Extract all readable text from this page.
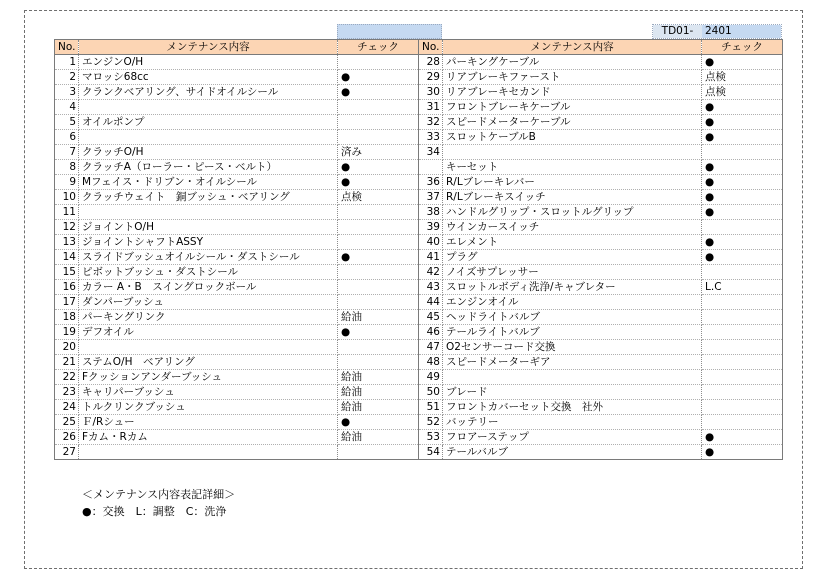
TD01-	2401
No.	メンテナンス内容	チェック
1	エンジンO/H	
2	マロッシ68cc	●
3	クランクベアリング、サイドオイルシール	●
4		
5	オイルポンプ	
6		
7	クラッチO/H	済み
8	クラッチA（ローラー・ピース・ベルト）	●
9	Mフェイス・ドリブン・オイルシール	●
10	クラッチウェイト　銅ブッシュ・ベアリング	点検
11		
12	ジョイントO/H	
13	ジョイントシャフトASSY	
14	スライドブッシュオイルシール・ダストシール	●
15	ピボットブッシュ・ダストシール	
16	カラー A・B　スイングロックボール	
17	ダンパーブッシュ	
18	パーキングリンク	給油
19	デフオイル	●
20		
21	ステムO/H　ベアリング	
22	Fクッションアンダーブッシュ	給油
23	キャリパーブッシュ	給油
24	トルクリンクブッシュ	給油
25	Ｆ/Rシュー	●
26	Fカム・Rカム	給油
27		
No.	メンテナンス内容	チェック
28	パーキングケーブル	●
29	リアブレーキファースト	点検
30	リアブレーキセカンド	点検
31	フロントブレーキケーブル	●
32	スピードメーターケーブル	●
33	スロットケーブルB	●
34		
	キーセット	●
36	R/Lブレーキレバー	●
37	R/Lブレーキスイッチ	●
38	ハンドルグリップ・スロットルグリップ	●
39	ウインカースイッチ	
40	エレメント	●
41	プラグ	●
42	ノイズサプレッサー	
43	スロットルボディ洗浄/キャブレター	L.C
44	エンジンオイル	
45	ヘッドライトバルブ	
46	テールライトバルブ	
47	O2センサーコード交換	
48	スピードメーターギア	
49		
50	ブレード	
51	フロントカバーセット交換　社外	
52	バッテリー	
53	フロアーステップ	●
54	テールバルブ	●
＜メンテナンス内容表記詳細＞
●：交換　L：調整　C：洗浄
